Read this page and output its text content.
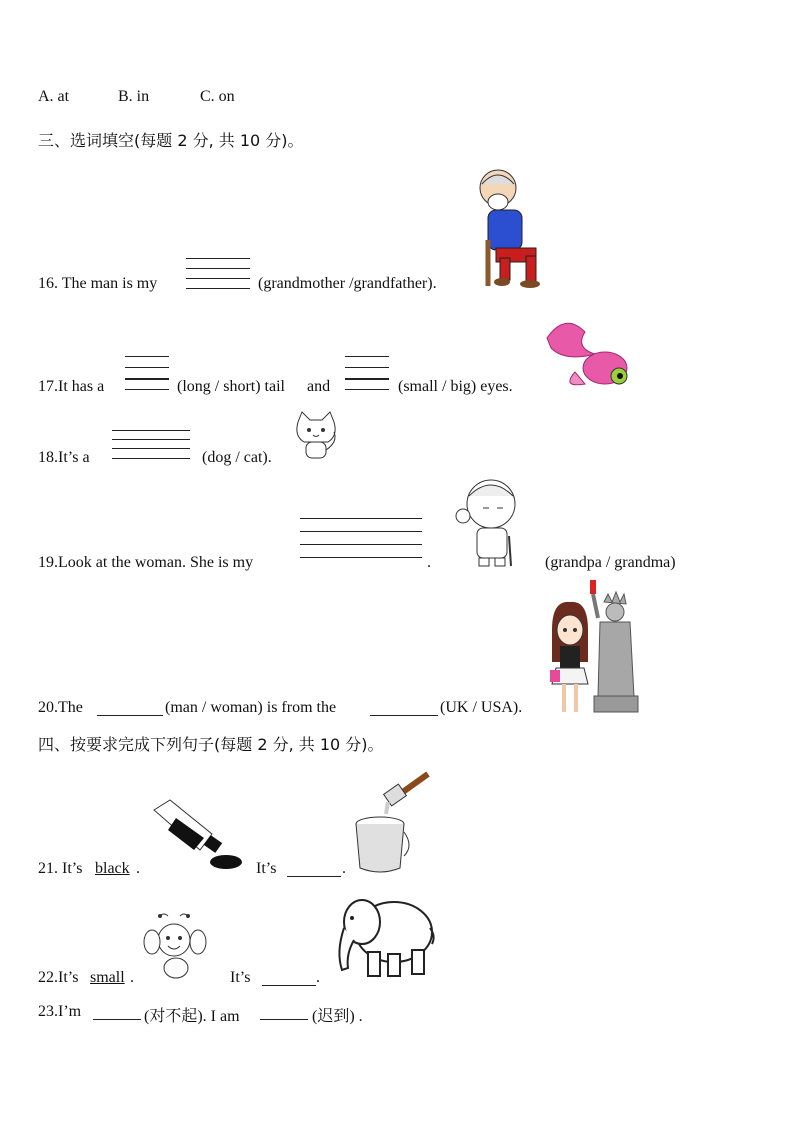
A. at	B. in	C. on
三、选词填空(每题 2 分, 共 10 分)。
16. The man is my	(grandmother /grandfather).
17.It has a	(long / short) tail and	(small / big) eyes.
18.It’s a	(dog / cat).
19.Look at the woman. She is my	.	(grandpa / grandma)
20.The	(man / woman) is from the	(UK / USA).
四、按要求完成下列句子(每题 2 分, 共 10 分)。
21. It’s black .	It’s	.
22.It’s small .	It’s	.
23.I’m	(对不起). I am	(迟到) .
